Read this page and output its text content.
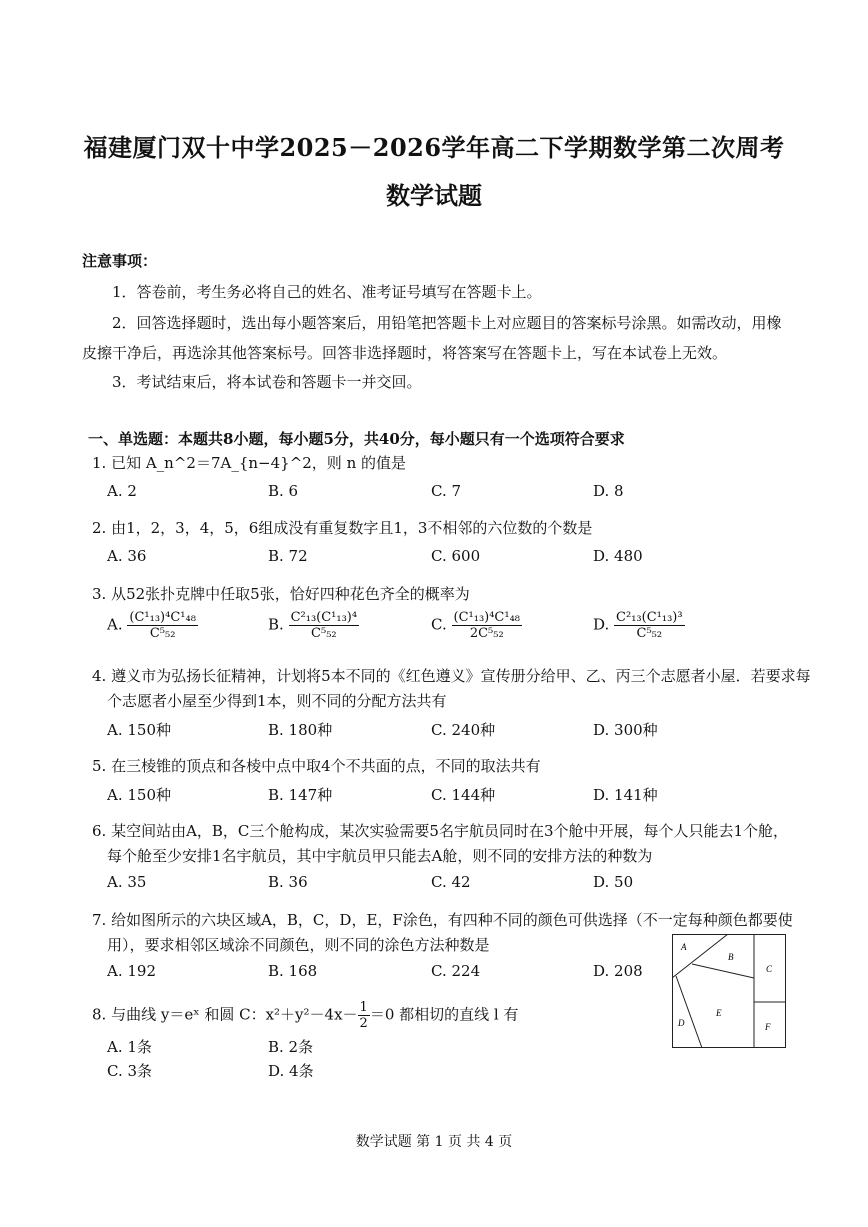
福建厦门双十中学2025－2026学年高二下学期数学第二次周考
数学试题
注意事项：
1．答卷前，考生务必将自己的姓名、准考证号填写在答题卡上。
2．回答选择题时，选出每小题答案后，用铅笔把答题卡上对应题目的答案标号涂黑。如需改动，用橡
皮擦干净后，再选涂其他答案标号。回答非选择题时，将答案写在答题卡上，写在本试卷上无效。
3．考试结束后，将本试卷和答题卡一并交回。
一、单选题：本题共8小题，每小题5分，共40分，每小题只有一个选项符合要求
1. 已知 A_n^2＝7A_{n−4}^2，则 n 的值是
A. 2	B. 6	C. 7	D. 8
2. 由1，2，3，4，5，6组成没有重复数字且1，3不相邻的六位数的个数是
A. 36	B. 72	C. 600	D. 480
3. 从52张扑克牌中任取5张，恰好四种花色齐全的概率为
A. $\frac{\text{(C¹₁₃)⁴C¹₄₈}}{\text{C⁵₅₂}}$	B. $\frac{\text{C²₁₃(C¹₁₃)⁴}}{\text{C⁵₅₂}}$	C. $\frac{\text{(C¹₁₃)⁴C¹₄₈}}{\text{2C⁵₅₂}}$	D. $\frac{\text{C²₁₃(C¹₁₃)³}}{\text{C⁵₅₂}}$
4. 遵义市为弘扬长征精神，计划将5本不同的《红色遵义》宣传册分给甲、乙、丙三个志愿者小屋．若要求每
个志愿者小屋至少得到1本，则不同的分配方法共有
A. 150种	B. 180种	C. 240种	D. 300种
5. 在三棱锥的顶点和各棱中点中取4个不共面的点，不同的取法共有
A. 150种	B. 147种	C. 144种	D. 141种
6. 某空间站由A，B，C三个舱构成，某次实验需要5名宇航员同时在3个舱中开展，每个人只能去1个舱，
每个舱至少安排1名宇航员，其中宇航员甲只能去A舱，则不同的安排方法的种数为
A. 35	B. 36	C. 42	D. 50
7. 给如图所示的六块区域A，B，C，D，E，F涂色，有四种不同的颜色可供选择（不一定每种颜色都要使
用），要求相邻区域涂不同颜色，则不同的涂色方法种数是
A. 192	B. 168	C. 224	D. 208
A
B
C
D
E
F
8. 与曲线 y＝eˣ 和圆 C：$x^2+y^2-4x- \frac{1}{2} =0$ 都相切的直线 l 有
A. 1条	B. 2条
C. 3条	D. 4条
数学试题 第 1 页 共 4 页
